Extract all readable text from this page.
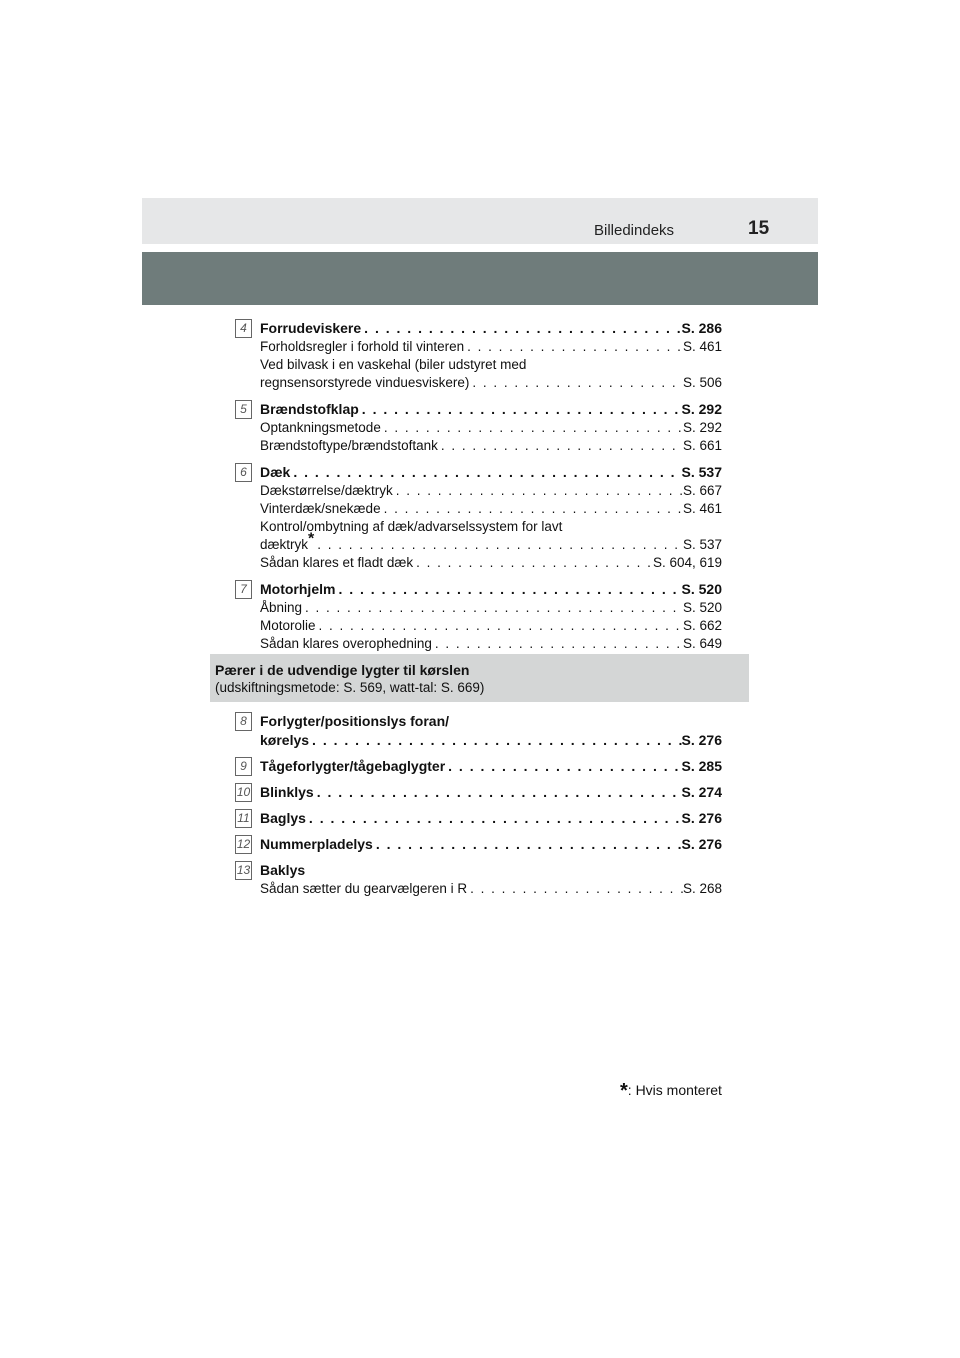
Billedindeks	15
4 Forrudeviskere . . .	S. 286
Forholdsregler i forhold til vinteren . . .	S. 461
Ved bilvask i en vaskehal (biler udstyret med
regnsensorstyrede vinduesviskere) . . .	S. 506
5 Brændstofklap . . .	S. 292
Optankningsmetode . . .	S. 292
Brændstoftype/brændstoftank . . .	S. 661
6 Dæk . . .	S. 537
Dækstørrelse/dæktryk . . .	S. 667
Vinterdæk/snekæde . . .	S. 461
Kontrol/ombytning af dæk/advarselssystem for lavt
dæktryk* . . .	S. 537
Sådan klares et fladt dæk . . .	S. 604, 619
7 Motorhjelm . . .	S. 520
Åbning . . .	S. 520
Motorolie . . .	S. 662
Sådan klares overophedning . . .	S. 649
Pærer i de udvendige lygter til kørslen
(udskiftningsmetode: S. 569, watt-tal: S. 669)
8 Forlygter/positionslys foran/
kørelys . . .	S. 276
9 Tågeforlygter/tågebaglygter . . .	S. 285
10 Blinklys . . .	S. 274
11 Baglys . . .	S. 276
12 Nummerpladelys . . .	S. 276
13 Baklys
Sådan sætter du gearvælgeren i R . . .	S. 268
*: Hvis monteret
